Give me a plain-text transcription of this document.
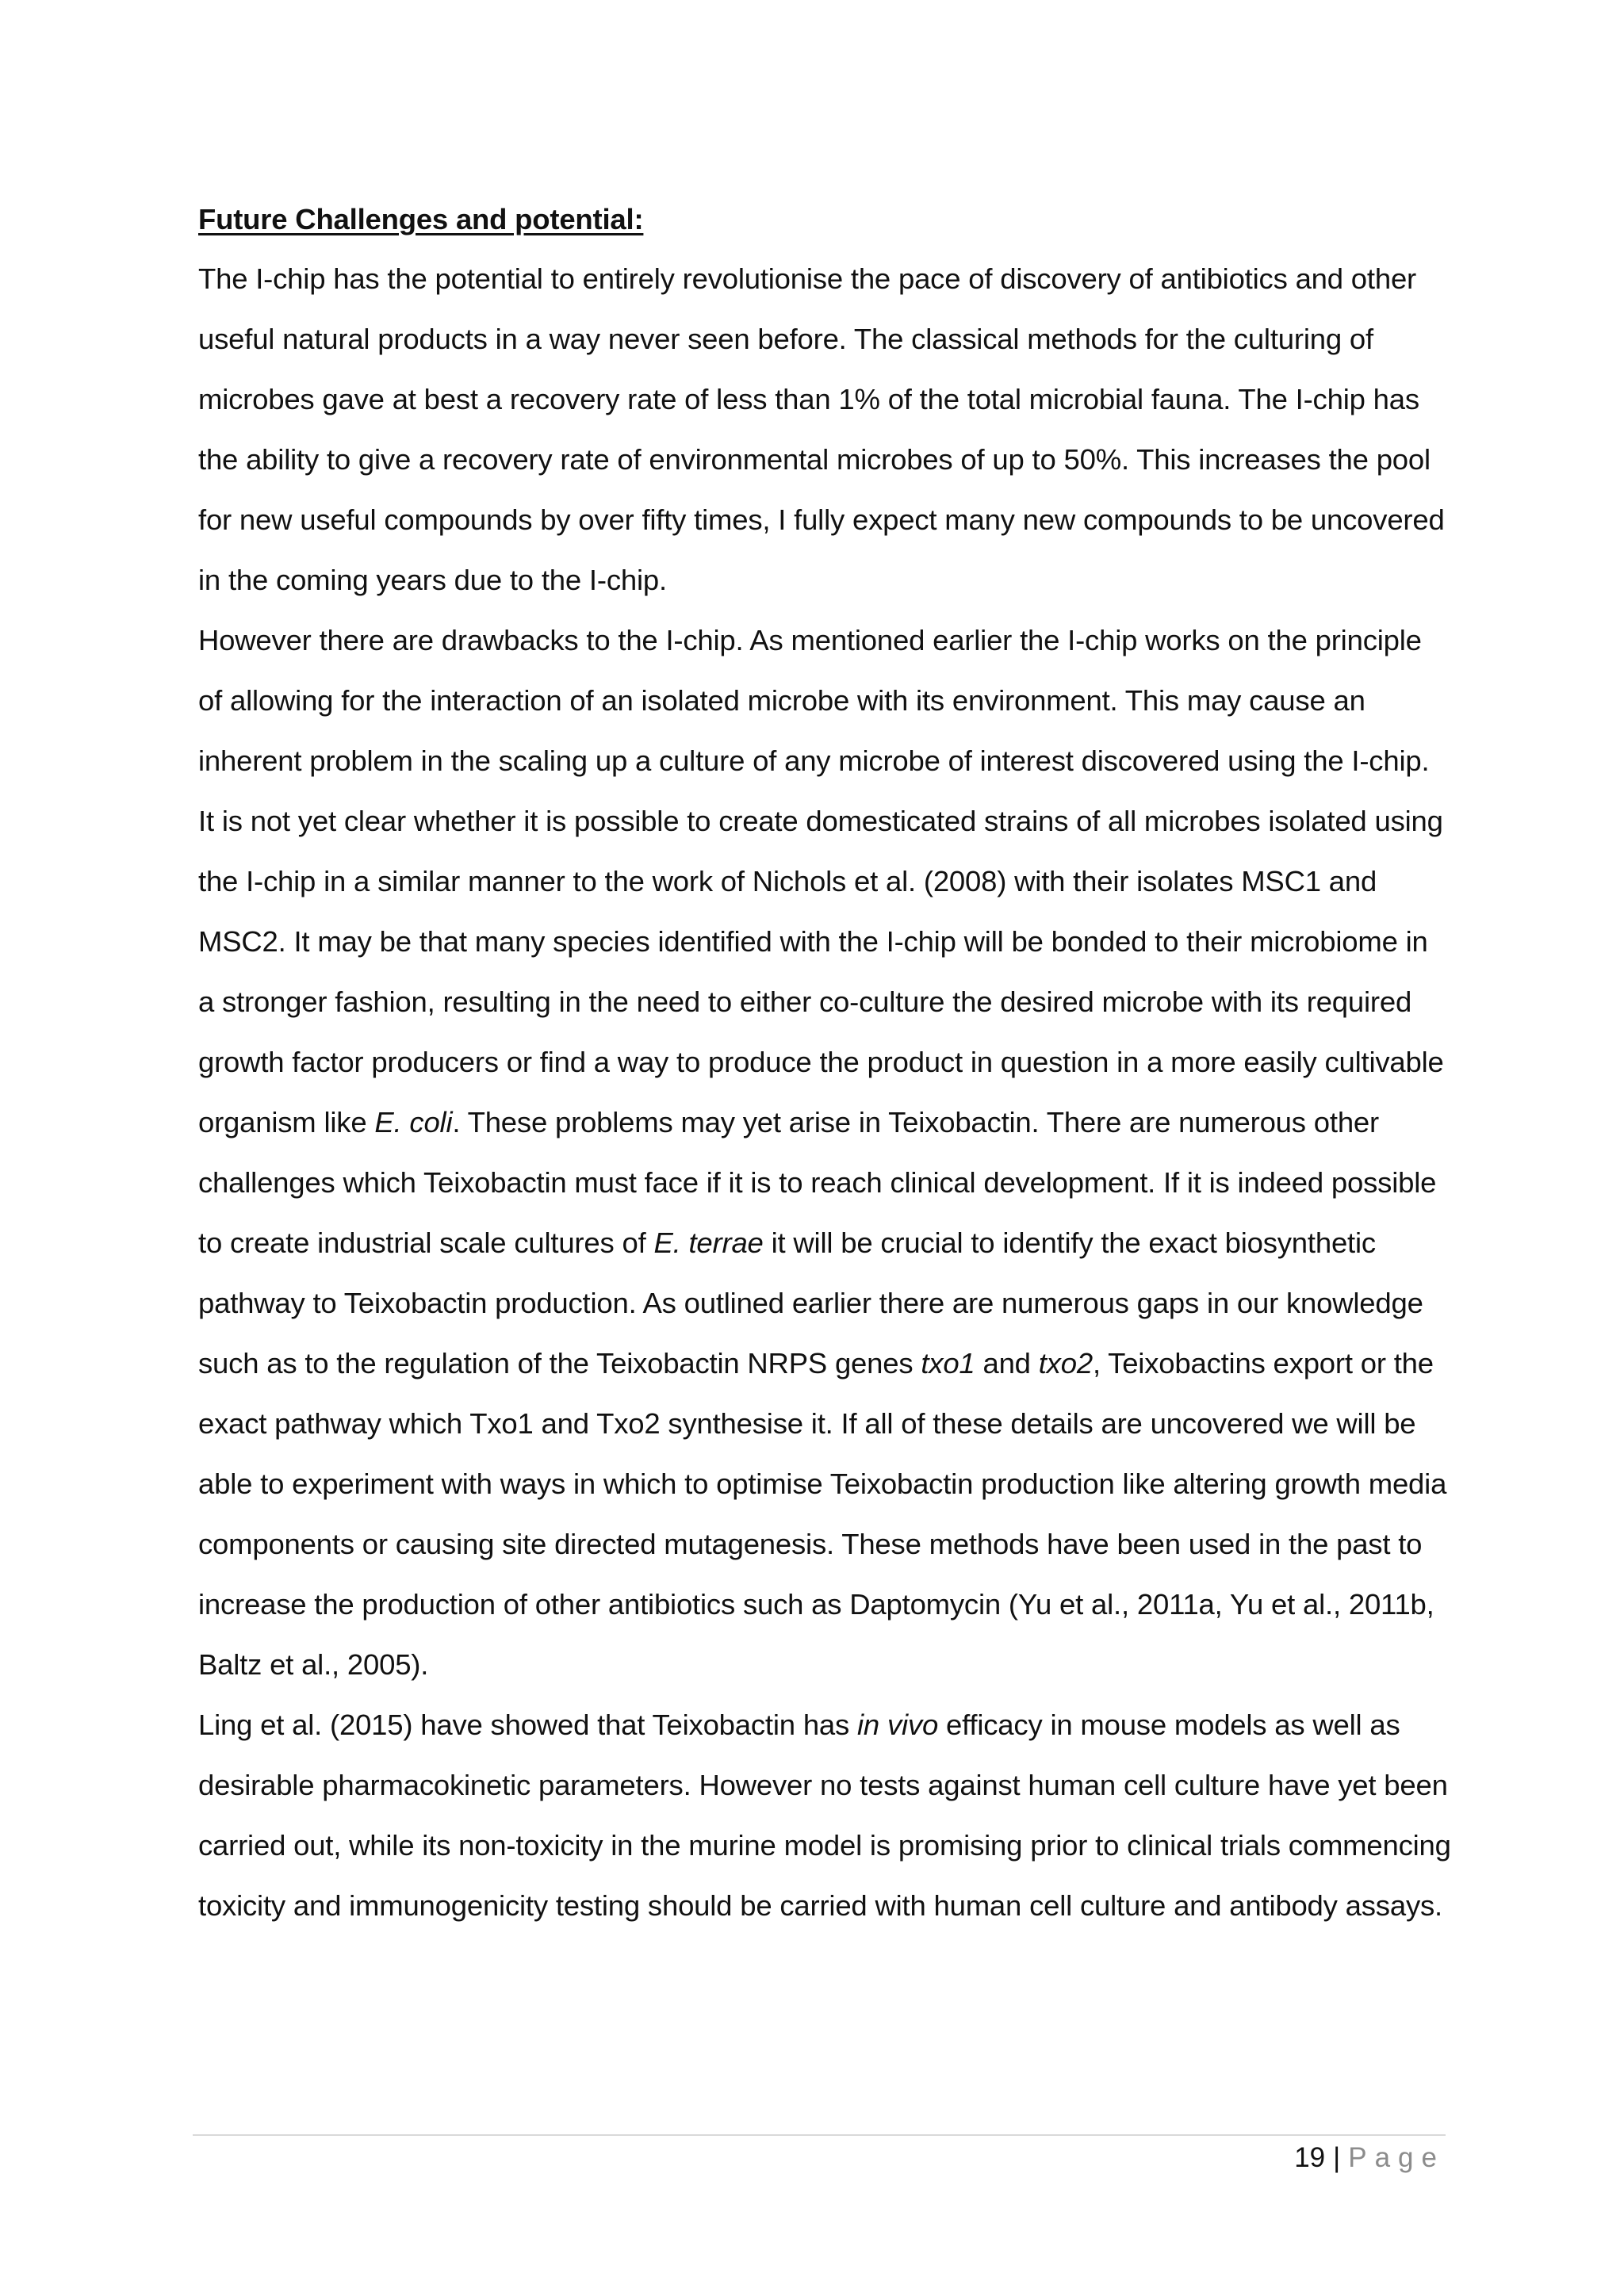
Future Challenges and potential:

The I-chip has the potential to entirely revolutionise the pace of discovery of antibiotics and other useful natural products in a way never seen before. The classical methods for the culturing of microbes gave at best a recovery rate of less than 1% of the total microbial fauna. The I-chip has the ability to give a recovery rate of environmental microbes of up to 50%. This increases the pool for new useful compounds by over fifty times, I fully expect many new compounds to be uncovered in the coming years due to the I-chip.

However there are drawbacks to the I-chip. As mentioned earlier the I-chip works on the principle of allowing for the interaction of an isolated microbe with its environment. This may cause an inherent problem in the scaling up a culture of any microbe of interest discovered using the I-chip. It is not yet clear whether it is possible to create domesticated strains of all microbes isolated using the I-chip in a similar manner to the work of Nichols et al. (2008) with their isolates MSC1 and MSC2. It may be that many species identified with the I-chip will be bonded to their microbiome in a stronger fashion, resulting in the need to either co-culture the desired microbe with its required growth factor producers or find a way to produce the product in question in a more easily cultivable organism like E. coli. These problems may yet arise in Teixobactin. There are numerous other challenges which Teixobactin must face if it is to reach clinical development. If it is indeed possible to create industrial scale cultures of E. terrae it will be crucial to identify the exact biosynthetic pathway to Teixobactin production. As outlined earlier there are numerous gaps in our knowledge such as to the regulation of the Teixobactin NRPS genes txo1 and txo2, Teixobactins export or the exact pathway which Txo1 and Txo2 synthesise it. If all of these details are uncovered we will be able to experiment with ways in which to optimise Teixobactin production like altering growth media components or causing site directed mutagenesis. These methods have been used in the past to increase the production of other antibiotics such as Daptomycin (Yu et al., 2011a, Yu et al., 2011b, Baltz et al., 2005).

Ling et al. (2015) have showed that Teixobactin has in vivo efficacy in mouse models as well as desirable pharmacokinetic parameters. However no tests against human cell culture have yet been carried out, while its non-toxicity in the murine model is promising prior to clinical trials commencing toxicity and immunogenicity testing should be carried with human cell culture and antibody assays.

19 | Page
